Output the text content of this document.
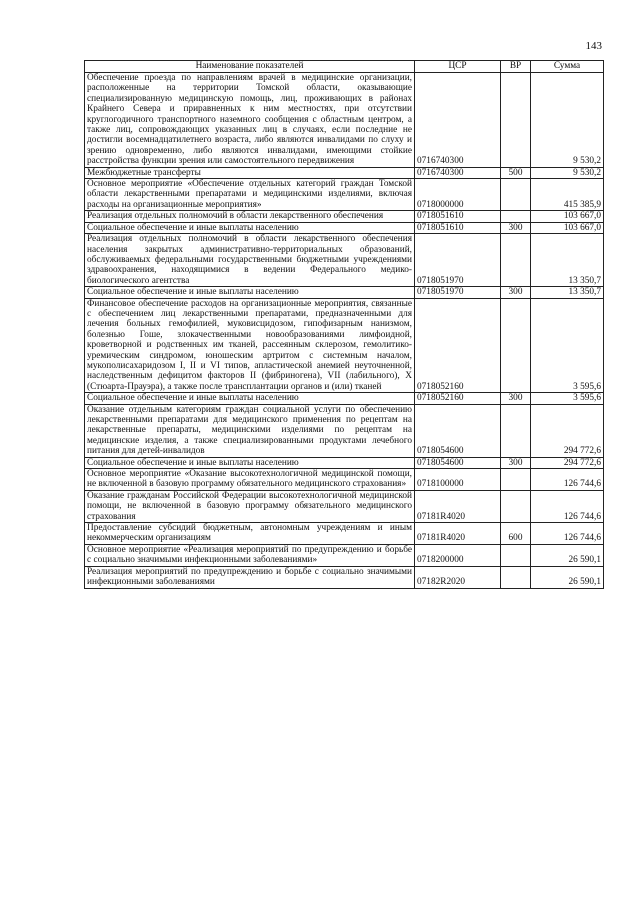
143
Наименование показателей	ЦСР	ВР	Сумма
Обеспечение проезда по направлениям врачей в медицинские организации, расположенные на территории Томской области, оказывающие специализированную медицинскую помощь, лиц, проживающих в районах Крайнего Севера и приравненных к ним местностях, при отсутствии круглогодичного транспортного наземного сообщения с областным центром, а также лиц, сопровождающих указанных лиц в случаях, если последние не достигли восемнадцатилетнего возраста, либо являются инвалидами по слуху и зрению одновременно, либо являются инвалидами, имеющими стойкие расстройства функции зрения или самостоятельного передвижения	0716740300		9 530,2
Межбюджетные трансферты	0716740300	500	9 530,2
Основное мероприятие «Обеспечение отдельных категорий граждан Томской области лекарственными препаратами и медицинскими изделиями, включая расходы на организационные мероприятия»	0718000000		415 385,9
Реализация отдельных полномочий в области лекарственного обеспечения	0718051610		103 667,0
Социальное обеспечение и иные выплаты населению	0718051610	300	103 667,0
Реализация отдельных полномочий в области лекарственного обеспечения населения закрытых административно-территориальных образований, обслуживаемых федеральными государственными бюджетными учреждениями здравоохранения, находящимися в ведении Федерального медико-биологического агентства	0718051970		13 350,7
Социальное обеспечение и иные выплаты населению	0718051970	300	13 350,7
Финансовое обеспечение расходов на организационные мероприятия, связанные с обеспечением лиц лекарственными препаратами, предназначенными для лечения больных гемофилией, муковисцидозом, гипофизарным нанизмом, болезнью Гоше, злокачественными новообразованиями лимфоидной, кроветворной и родственных им тканей, рассеянным склерозом, гемолитико-уремическим синдромом, юношеским артритом с системным началом, мукополисахаридозом I, II и VI типов, апластической анемией неуточненной, наследственным дефицитом факторов II (фибриногена), VII (лабильного), X (Стюарта-Прауэра), а также после трансплантации органов и (или) тканей	0718052160		3 595,6
Социальное обеспечение и иные выплаты населению	0718052160	300	3 595,6
Оказание отдельным категориям граждан социальной услуги по обеспечению лекарственными препаратами для медицинского применения по рецептам на лекарственные препараты, медицинскими изделиями по рецептам на медицинские изделия, а также специализированными продуктами лечебного питания для детей-инвалидов	0718054600		294 772,6
Социальное обеспечение и иные выплаты населению	0718054600	300	294 772,6
Основное мероприятие «Оказание высокотехнологичной медицинской помощи, не включенной в базовую программу обязательного медицинского страхования»	0718100000		126 744,6
Оказание гражданам Российской Федерации высокотехнологичной медицинской помощи, не включенной в базовую программу обязательного медицинского страхования	07181R4020		126 744,6
Предоставление субсидий бюджетным, автономным учреждениям и иным некоммерческим организациям	07181R4020	600	126 744,6
Основное мероприятие «Реализация мероприятий по предупреждению и борьбе с социально значимыми инфекционными заболеваниями»	0718200000		26 590,1
Реализация мероприятий по предупреждению и борьбе с социально значимыми инфекционными заболеваниями	07182R2020		26 590,1
